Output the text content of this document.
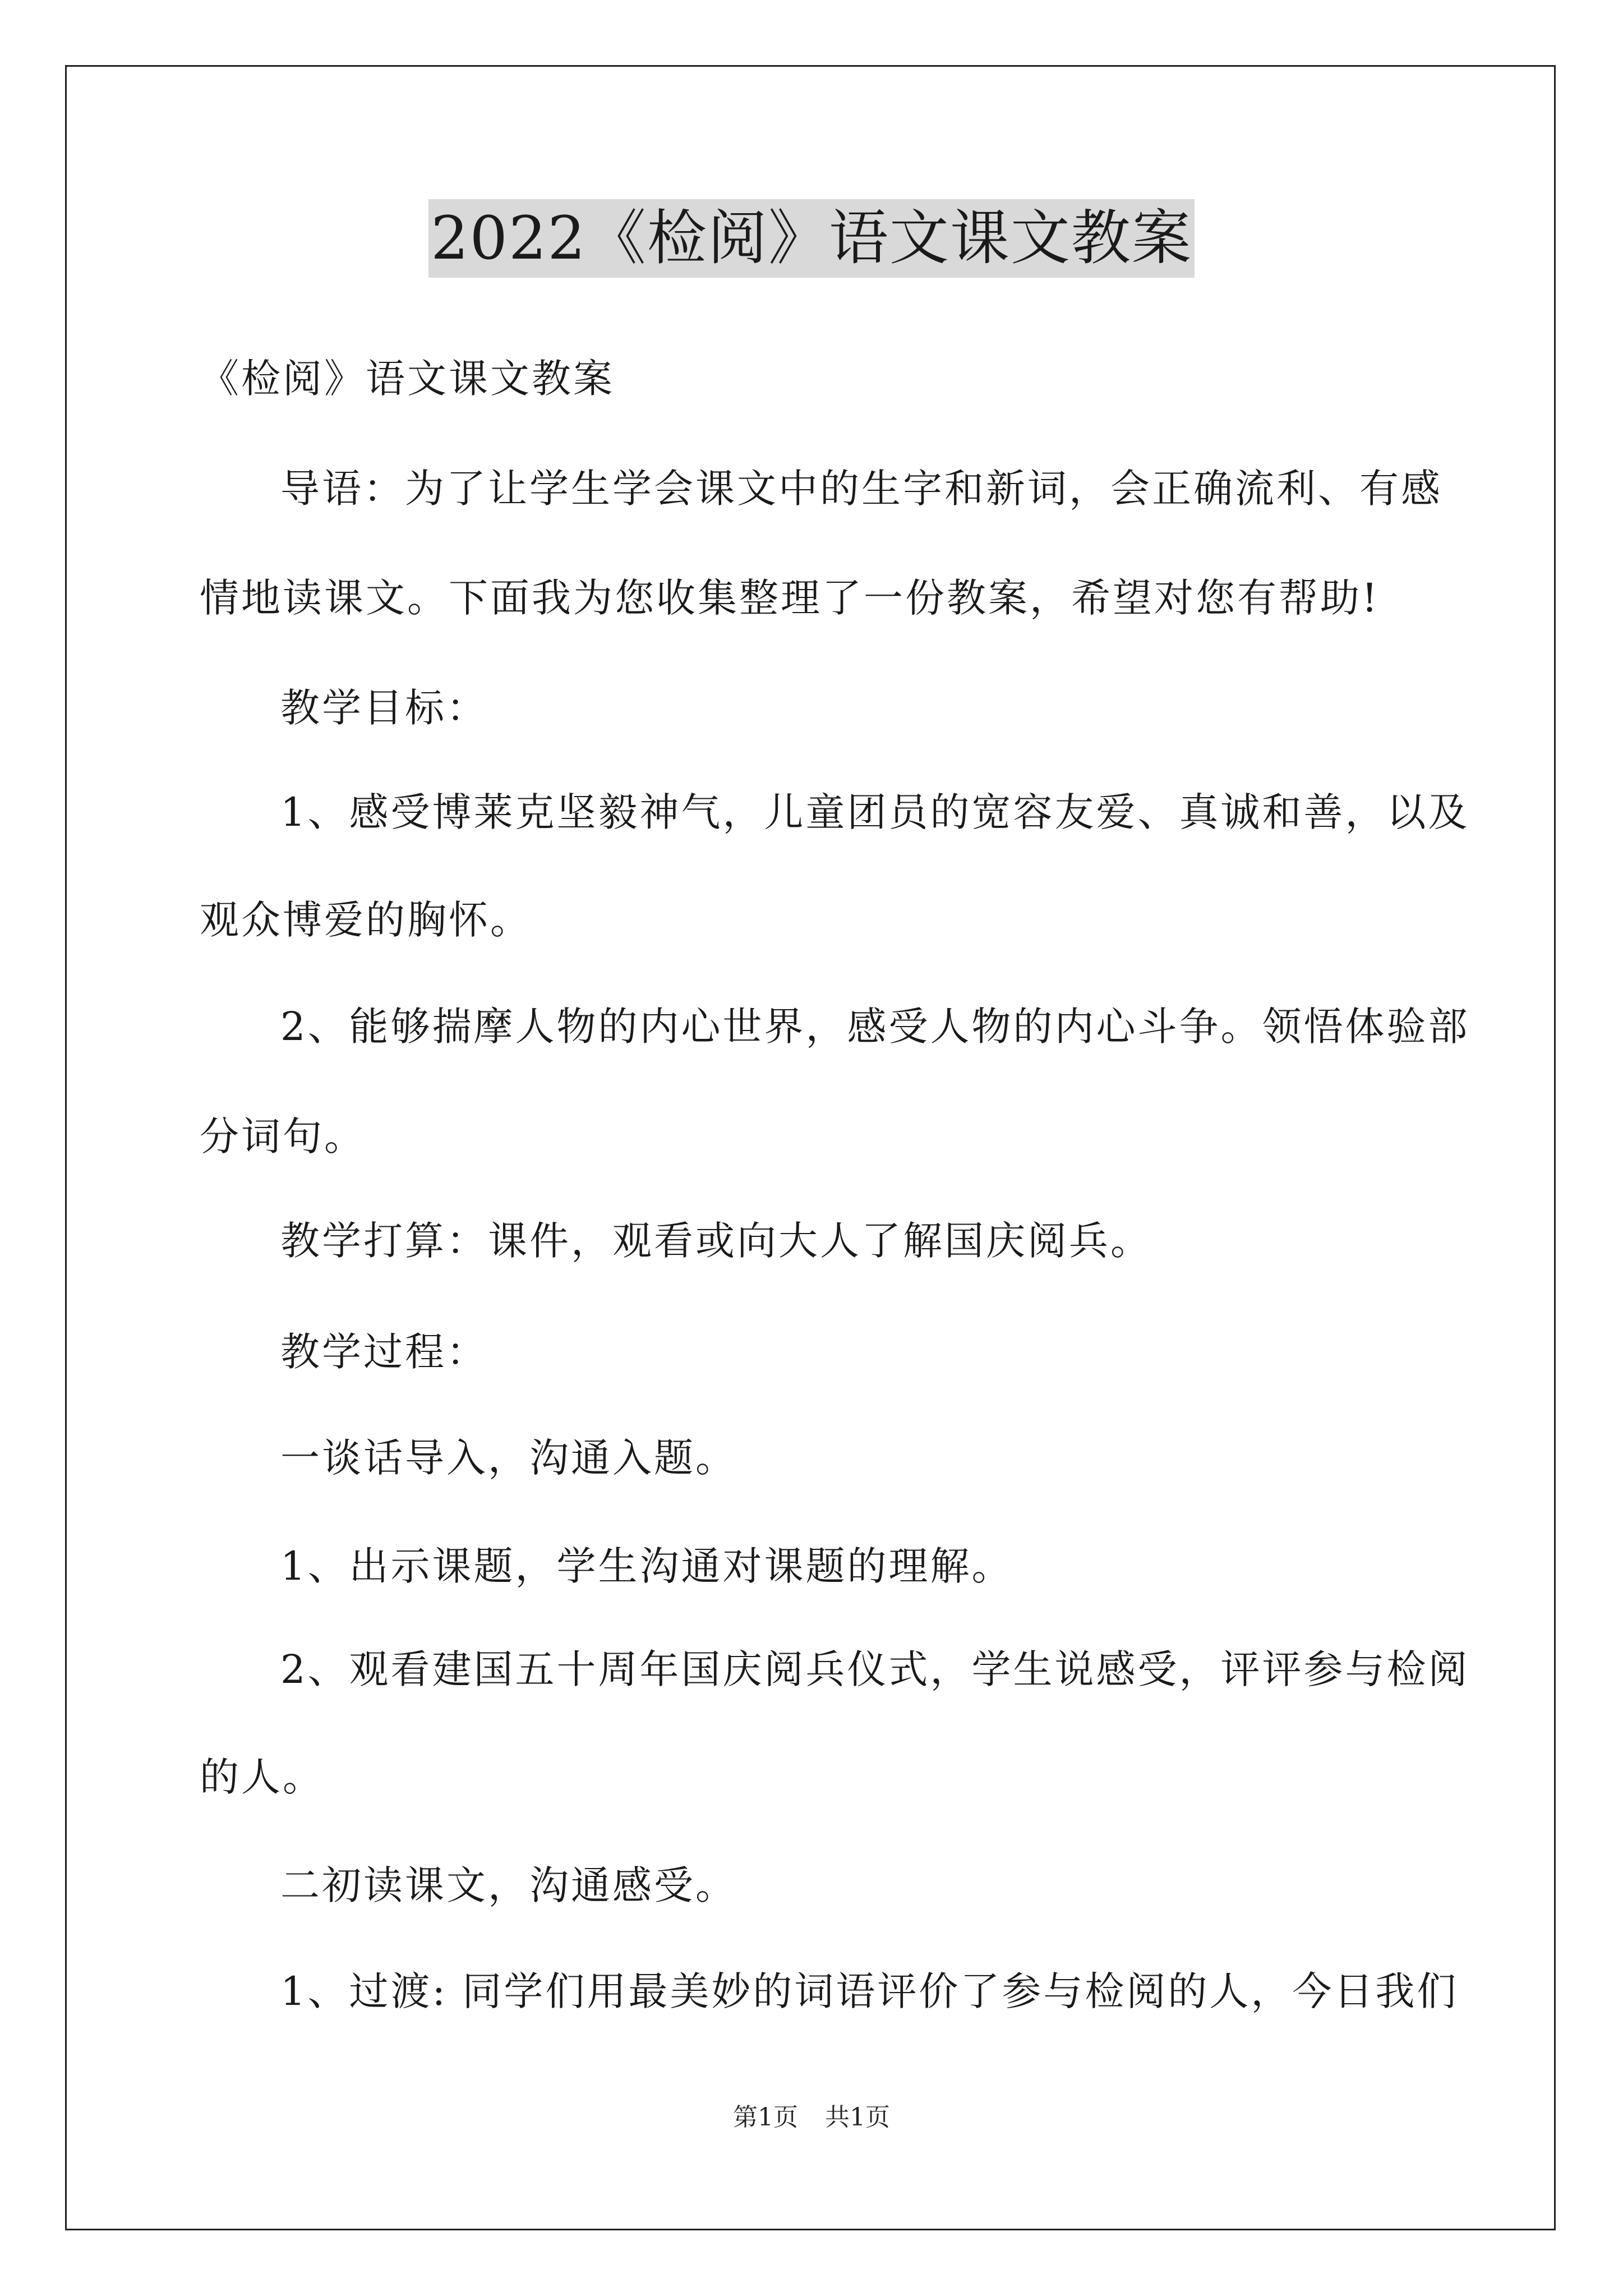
2022《检阅》语文课文教案
《检阅》语文课文教案
导语：为了让学生学会课文中的生字和新词，会正确流利、有感
情地读课文。下面我为您收集整理了一份教案，希望对您有帮助!
教学目标：
1、感受博莱克坚毅神气，儿童团员的宽容友爱、真诚和善，以及
观众博爱的胸怀。
2、能够揣摩人物的内心世界，感受人物的内心斗争。领悟体验部
分词句。
教学打算：课件，观看或向大人了解国庆阅兵。
教学过程：
一谈话导入，沟通入题。
1、出示课题，学生沟通对课题的理解。
2、观看建国五十周年国庆阅兵仪式，学生说感受，评评参与检阅
的人。
二初读课文，沟通感受。
1、过渡: 同学们用最美妙的词语评价了参与检阅的人，今日我们
第1页 共1页
